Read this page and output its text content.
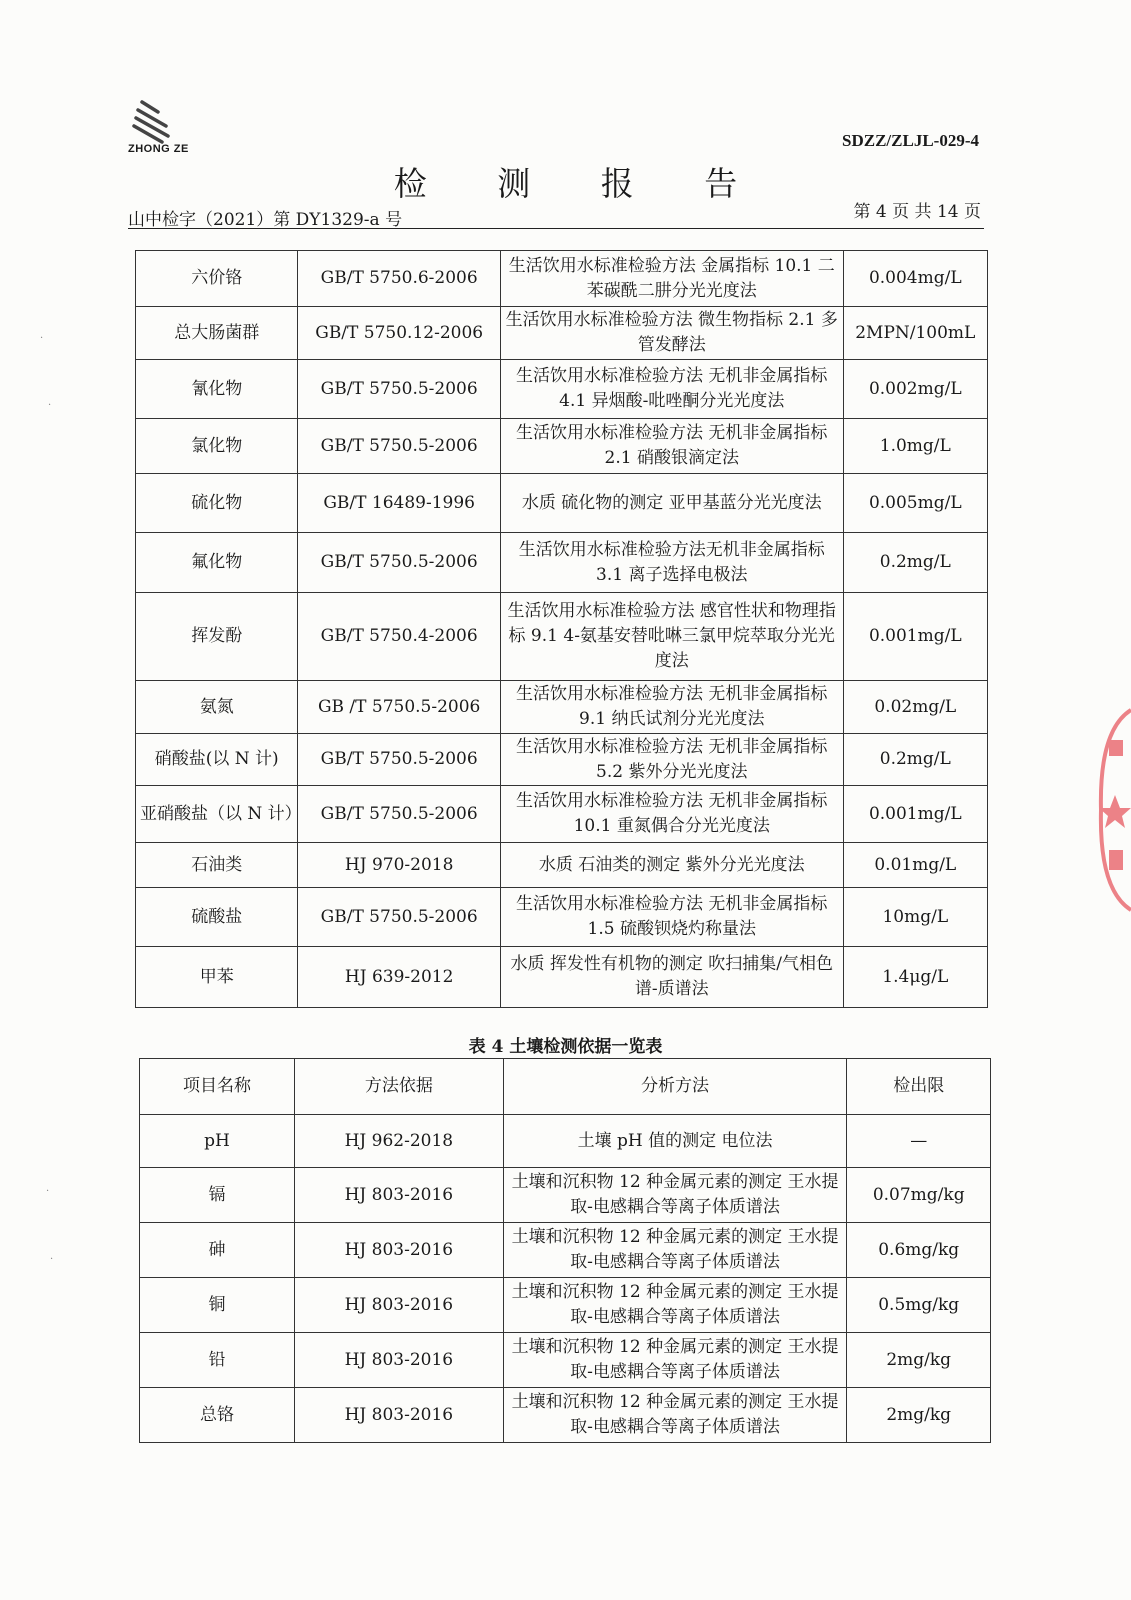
ZHONG ZE	SDZZ/ZLJL-029-4
检 测 报 告
山中检字（2021）第 DY1329-a 号	第 4 页 共 14 页
六价铬	GB/T 5750.6-2006	生活饮用水标准检验方法 金属指标 10.1 二苯碳酰二肼分光光度法	0.004mg/L
总大肠菌群	GB/T 5750.12-2006	生活饮用水标准检验方法 微生物指标 2.1 多管发酵法	2MPN/100mL
氰化物	GB/T 5750.5-2006	生活饮用水标准检验方法 无机非金属指标 4.1 异烟酸-吡唑酮分光光度法	0.002mg/L
氯化物	GB/T 5750.5-2006	生活饮用水标准检验方法 无机非金属指标 2.1 硝酸银滴定法	1.0mg/L
硫化物	GB/T 16489-1996	水质 硫化物的测定 亚甲基蓝分光光度法	0.005mg/L
氟化物	GB/T 5750.5-2006	生活饮用水标准检验方法无机非金属指标 3.1 离子选择电极法	0.2mg/L
挥发酚	GB/T 5750.4-2006	生活饮用水标准检验方法 感官性状和物理指标 9.1 4-氨基安替吡啉三氯甲烷萃取分光光度法	0.001mg/L
氨氮	GB /T 5750.5-2006	生活饮用水标准检验方法 无机非金属指标 9.1 纳氏试剂分光光度法	0.02mg/L
硝酸盐(以 N 计)	GB/T 5750.5-2006	生活饮用水标准检验方法 无机非金属指标 5.2 紫外分光光度法	0.2mg/L
亚硝酸盐（以 N 计）	GB/T 5750.5-2006	生活饮用水标准检验方法 无机非金属指标 10.1 重氮偶合分光光度法	0.001mg/L
石油类	HJ 970-2018	水质 石油类的测定 紫外分光光度法	0.01mg/L
硫酸盐	GB/T 5750.5-2006	生活饮用水标准检验方法 无机非金属指标 1.5 硫酸钡烧灼称量法	10mg/L
甲苯	HJ 639-2012	水质 挥发性有机物的测定 吹扫捕集/气相色谱-质谱法	1.4μg/L
表 4 土壤检测依据一览表
项目名称	方法依据	分析方法	检出限
pH	HJ 962-2018	土壤 pH 值的测定 电位法	—
镉	HJ 803-2016	土壤和沉积物 12 种金属元素的测定 王水提取-电感耦合等离子体质谱法	0.07mg/kg
砷	HJ 803-2016	土壤和沉积物 12 种金属元素的测定 王水提取-电感耦合等离子体质谱法	0.6mg/kg
铜	HJ 803-2016	土壤和沉积物 12 种金属元素的测定 王水提取-电感耦合等离子体质谱法	0.5mg/kg
铅	HJ 803-2016	土壤和沉积物 12 种金属元素的测定 王水提取-电感耦合等离子体质谱法	2mg/kg
总铬	HJ 803-2016	土壤和沉积物 12 种金属元素的测定 王水提取-电感耦合等离子体质谱法	2mg/kg
·
·
·
·
